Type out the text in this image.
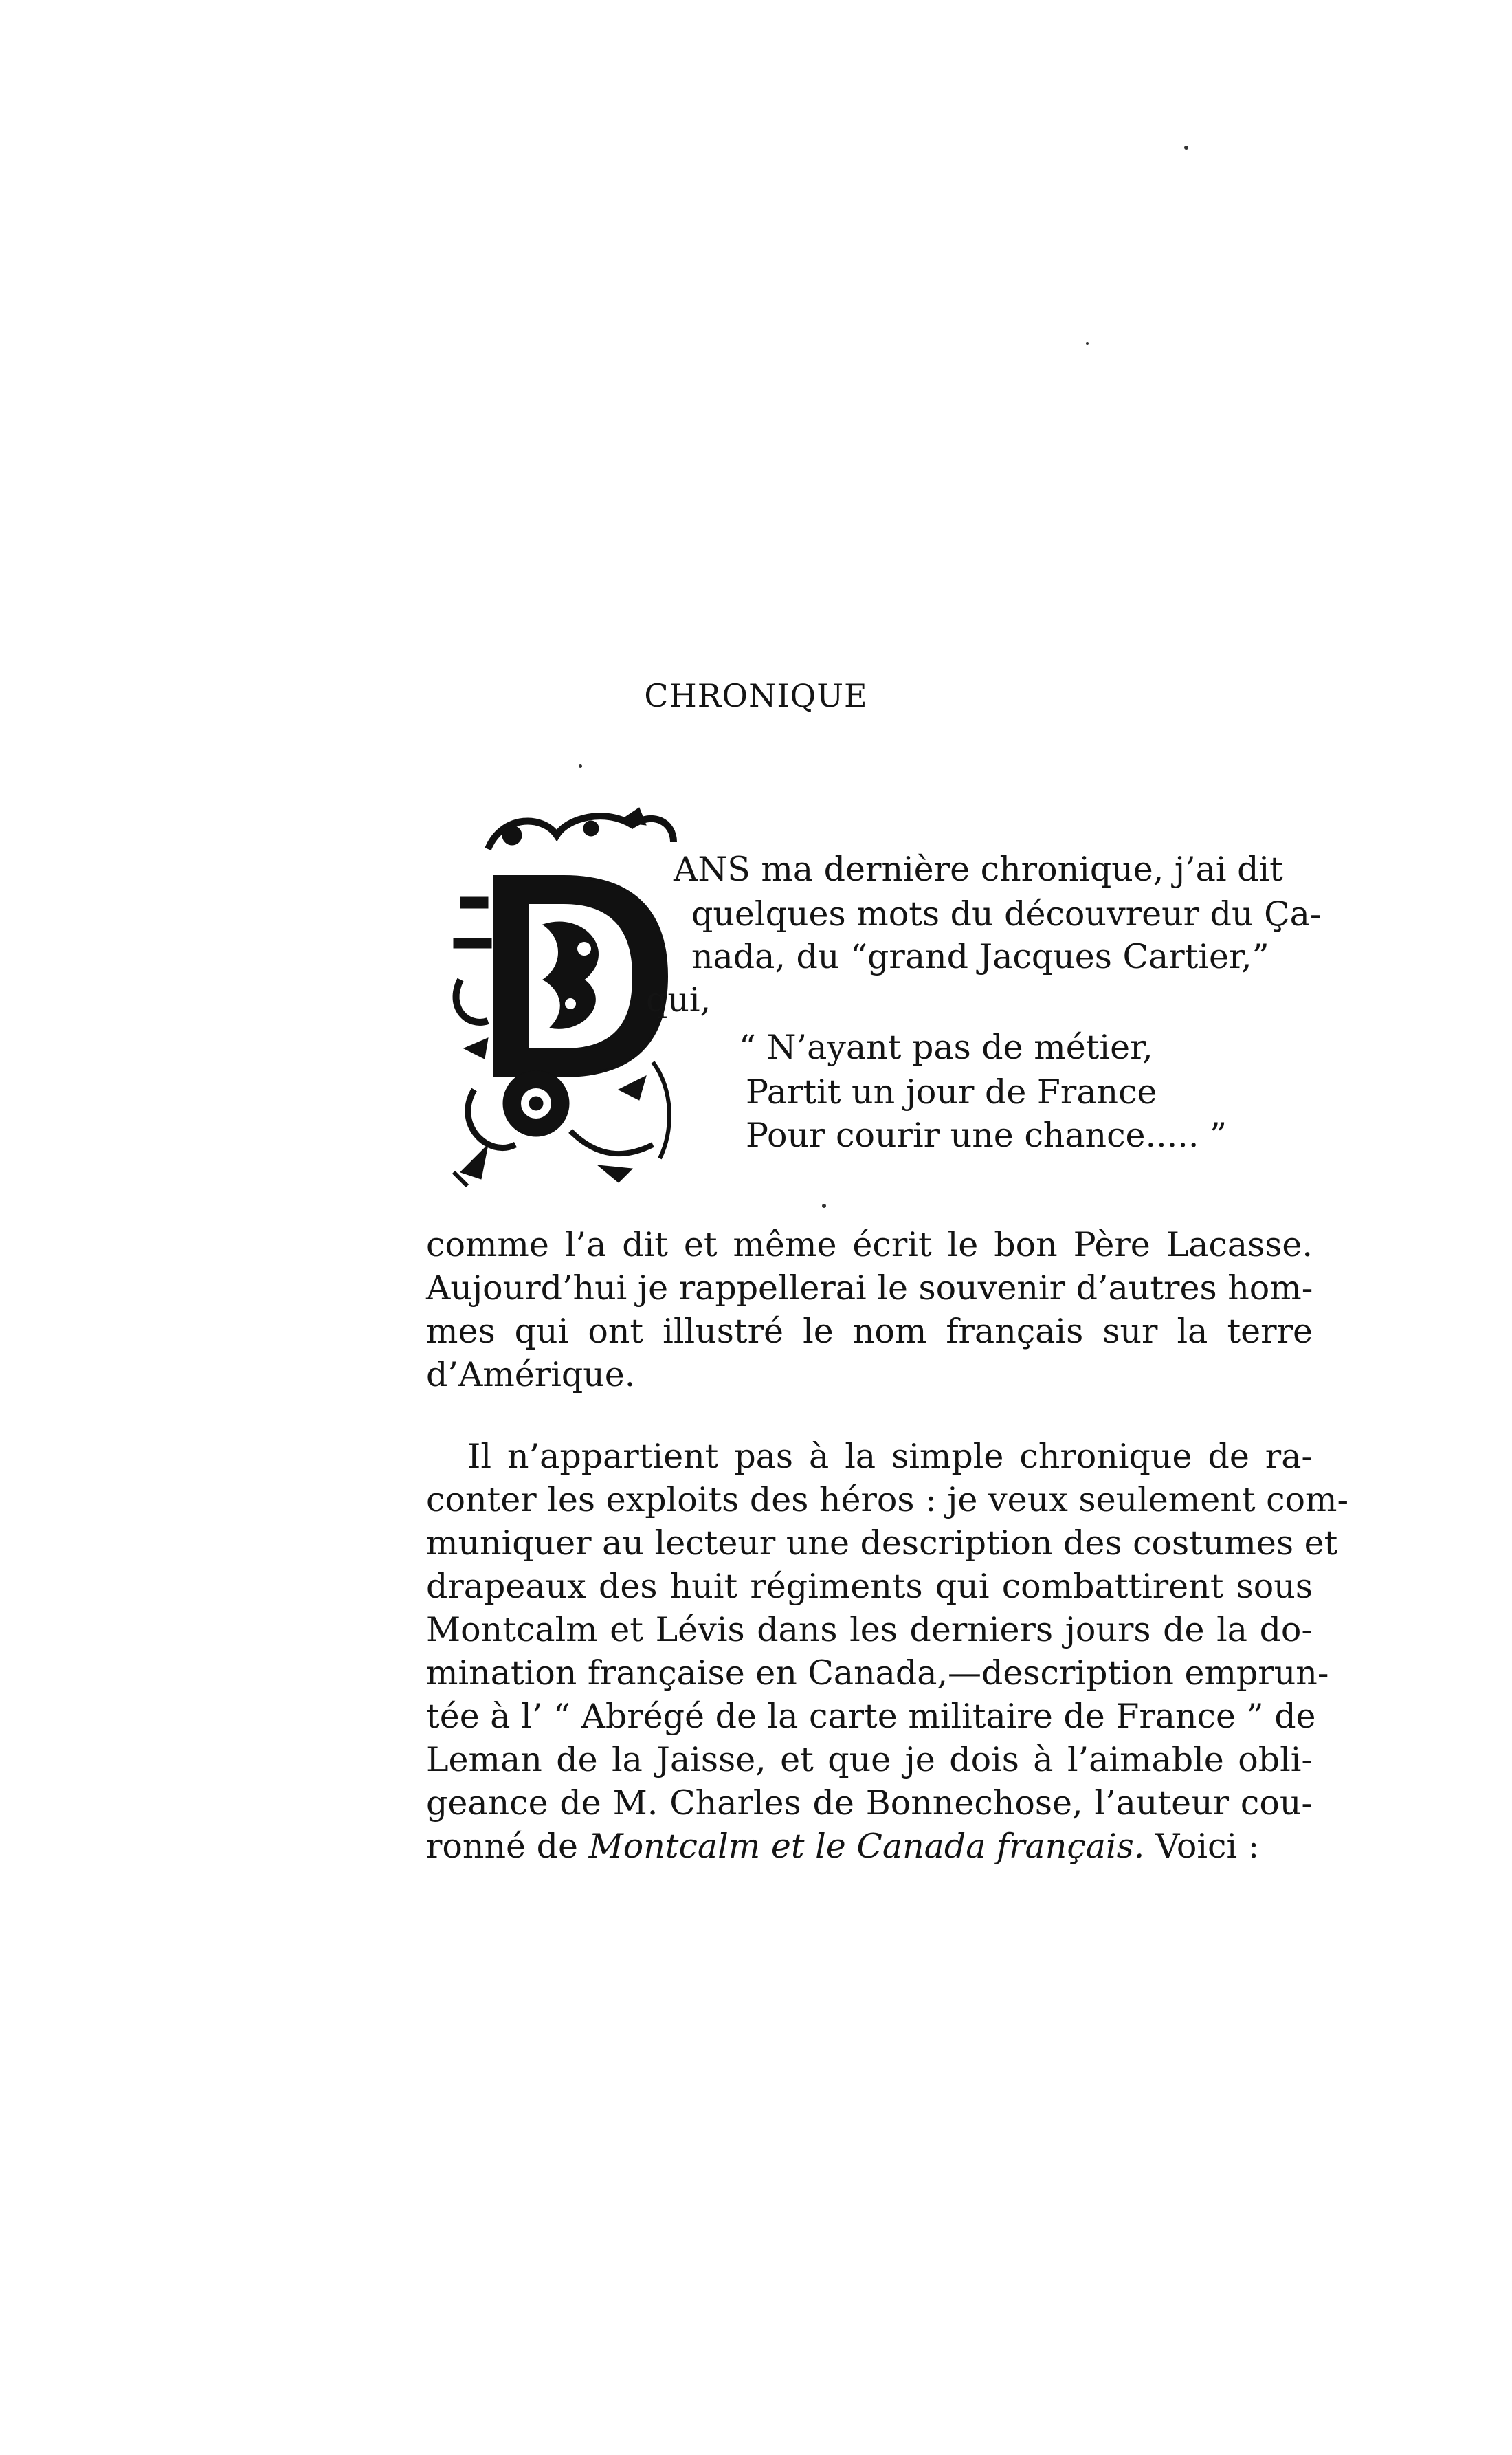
CHRONIQUE
ANS ma dernière chronique, j’ai dit
quelques mots du découvreur du Ça-
nada, du “grand Jacques Cartier,”
qui,
“ N’ayant pas de métier,
Partit un jour de France
Pour courir une chance..... ”
comme l’a dit et même écrit le bon Père Lacasse.
Aujourd’hui je rappellerai le souvenir d’autres hom-
mes qui ont illustré le nom français sur la terre
d’Amérique.
Il n’appartient pas à la simple chronique de ra-
conter les exploits des héros : je veux seulement com-
muniquer au lecteur une description des costumes et
drapeaux des huit régiments qui combattirent sous
Montcalm et Lévis dans les derniers jours de la do-
mination française en Canada,—description emprun-
tée à l’ “ Abrégé de la carte militaire de France ” de
Leman de la Jaisse, et que je dois à l’aimable obli-
geance de M. Charles de Bonnechose, l’auteur cou-
ronné de Montcalm et le Canada français. Voici :
